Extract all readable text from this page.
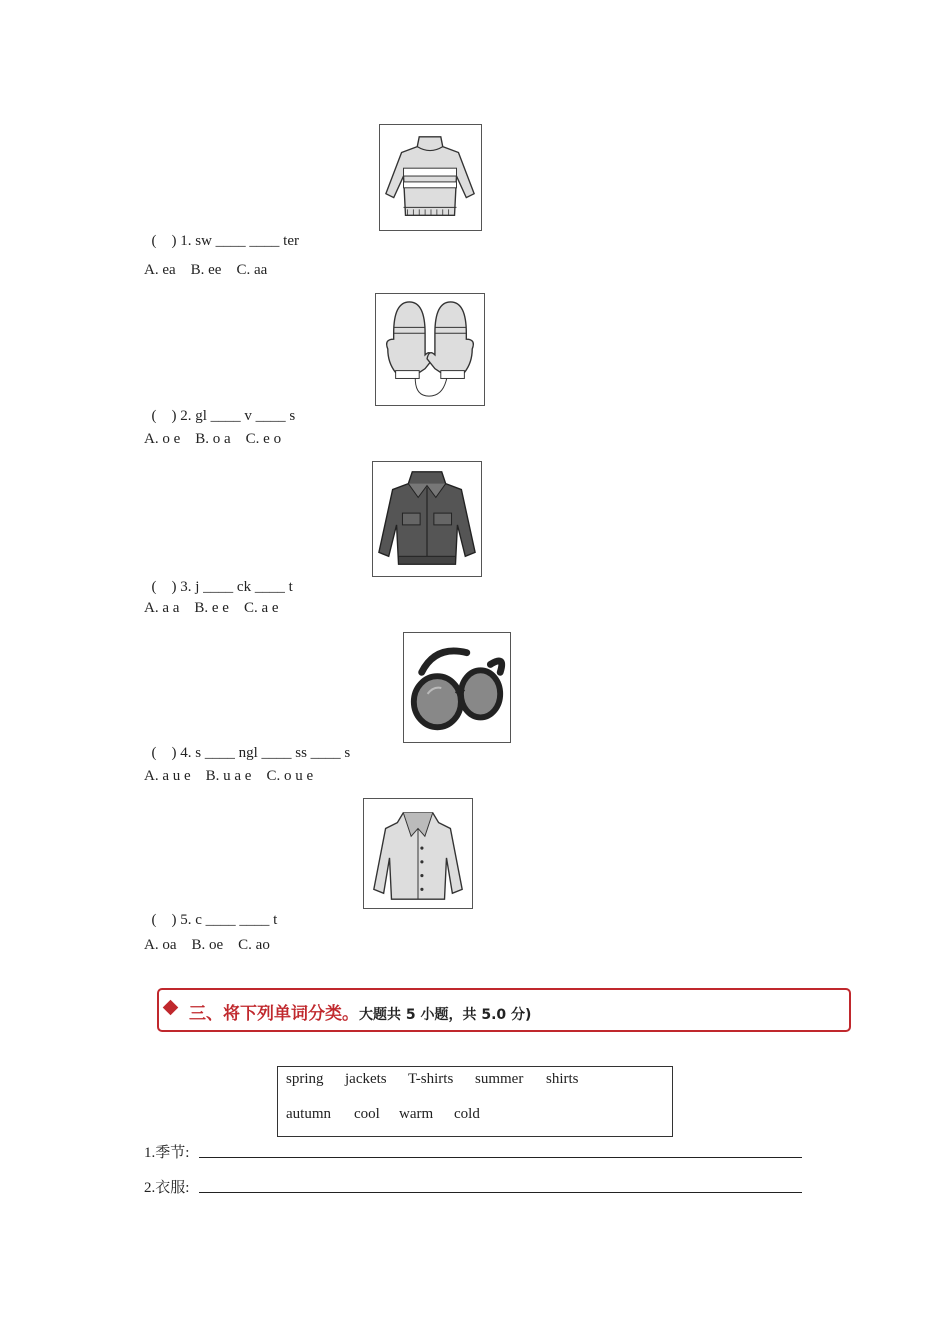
(    ) 1. sw ____ ____ ter

A. ea    B. ee    C. aa

(    ) 2. gl ____ v ____ s

A. o e    B. o a    C. e o

(    ) 3. j ____ ck ____ t

A. a a    B. e e    C. a e

(    ) 4. s ____ ngl ____ ss ____ s

A. a u e    B. u a e    C. o u e

(    ) 5. c ____ ____ t

A. oa    B. oe    C. ao
三、将下列单词分类。大题共 5 小题，共 5.0 分)
spring jackets T-shirts summer shirts
autumn cool warm cold
1.季节:
2.衣服:
